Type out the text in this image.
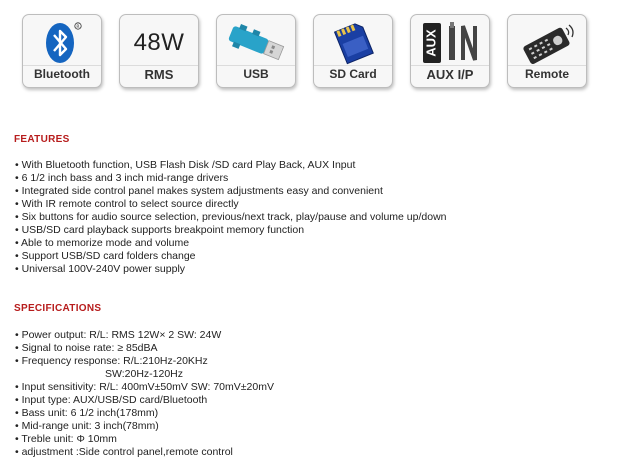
R
Bluetooth
48W
RMS	USB	SD Card
AUX
AUX I/P	Remote
FEATURES
• With Bluetooth function, USB Flash Disk /SD card Play Back, AUX Input
• 6 1/2 inch bass and 3 inch mid-range drivers
• Integrated side control panel makes system adjustments easy and convenient
• With IR remote control to select source directly
• Six buttons for audio source selection, previous/next track, play/pause and volume up/down
• USB/SD card playback supports breakpoint memory function
• Able to memorize mode and volume
• Support USB/SD card folders change
• Universal 100V-240V power supply
SPECIFICATIONS
• Power output: R/L: RMS 12W× 2 SW: 24W
• Signal to noise rate: ≥ 85dBA
• Frequency response: R/L:210Hz-20KHz
SW:20Hz-120Hz
• Input sensitivity: R/L: 400mV±50mV SW: 70mV±20mV
• Input type: AUX/USB/SD card/Bluetooth
• Bass unit: 6 1/2 inch(178mm)
• Mid-range unit: 3 inch(78mm)
• Treble unit: Φ 10mm
• adjustment :Side control panel,remote control
